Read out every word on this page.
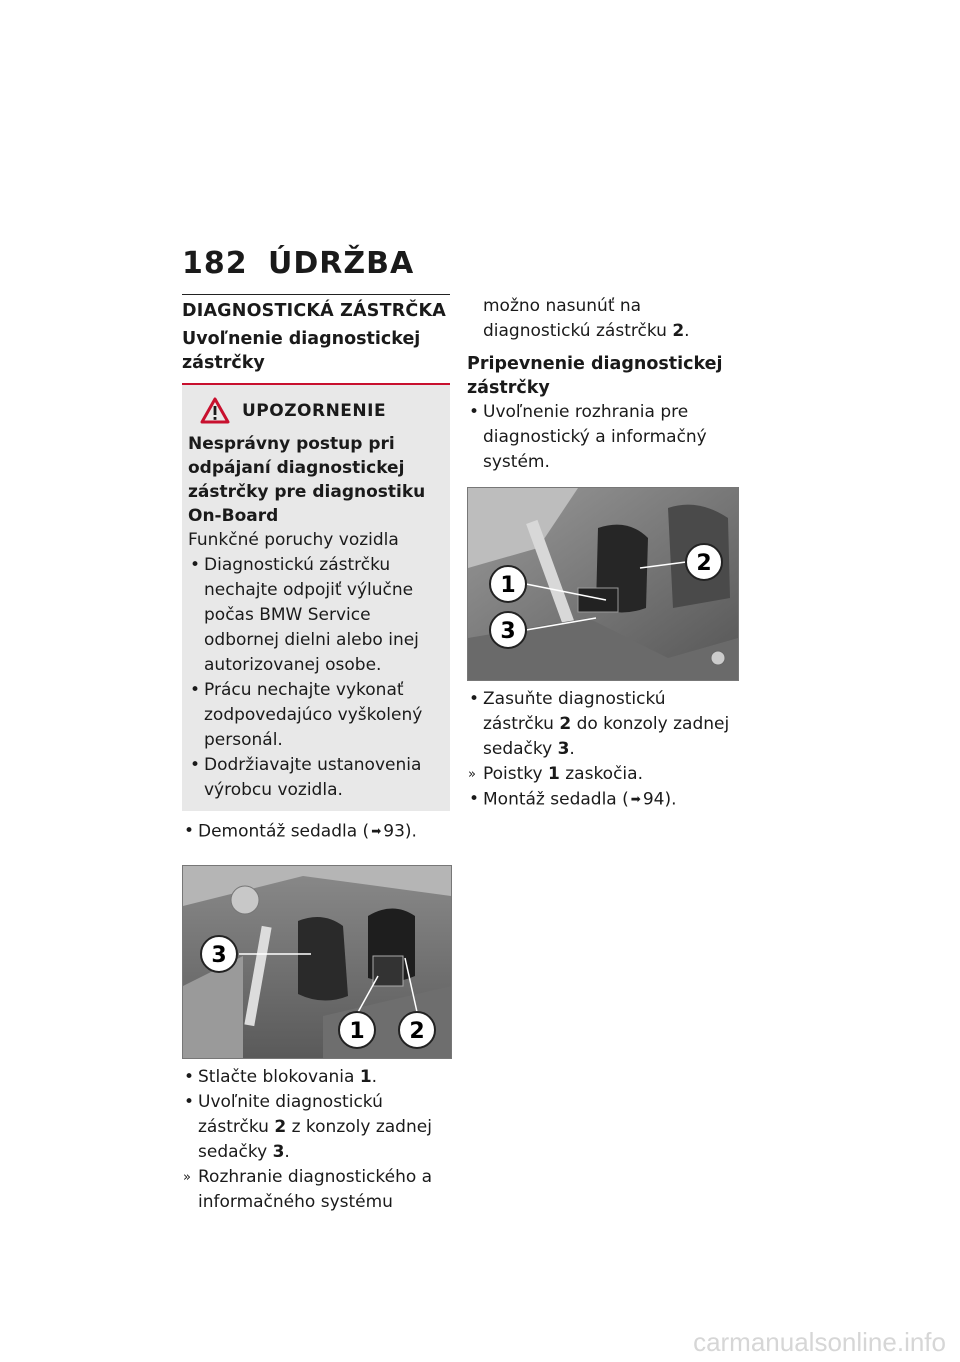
182 ÚDRŽBA
DIAGNOSTICKÁ ZÁSTRČKA
Uvoľnenie diagnostickej zástrčky
UPOZORNENIE
Nesprávny postup pri odpájaní diagnostickej zástrčky pre diagnostiku On-Board

Funkčné poruchy vozidla

• Diagnostickú zástrčku nechajte odpojiť výlučne počas BMW Service odbornej dielni alebo inej autorizovanej osobe.
• Prácu nechajte vykonať zodpovedajúco vyškolený personál.
• Dodržiavajte ustanovenia výrobcu vozidla.
• Demontáž sedadla ( ➡ 93).
3
1 2
• Stlačte blokovania 1.
• Uvoľnite diagnostickú zástrčku 2 z konzoly zadnej sedačky 3.
» Rozhranie diagnostického a informačného systému

možno nasunúť na diagnostickú zástrčku 2.

Pripevnenie diagnostickej zástrčky
• Uvoľnenie rozhrania pre diagnostický a informačný systém.
1
2
3
• Zasuňte diagnostickú zástrčku 2 do konzoly zadnej sedačky 3.
» Poistky 1 zaskočia.
• Montáž sedadla ( ➡ 94).
carmanualsonline.info
